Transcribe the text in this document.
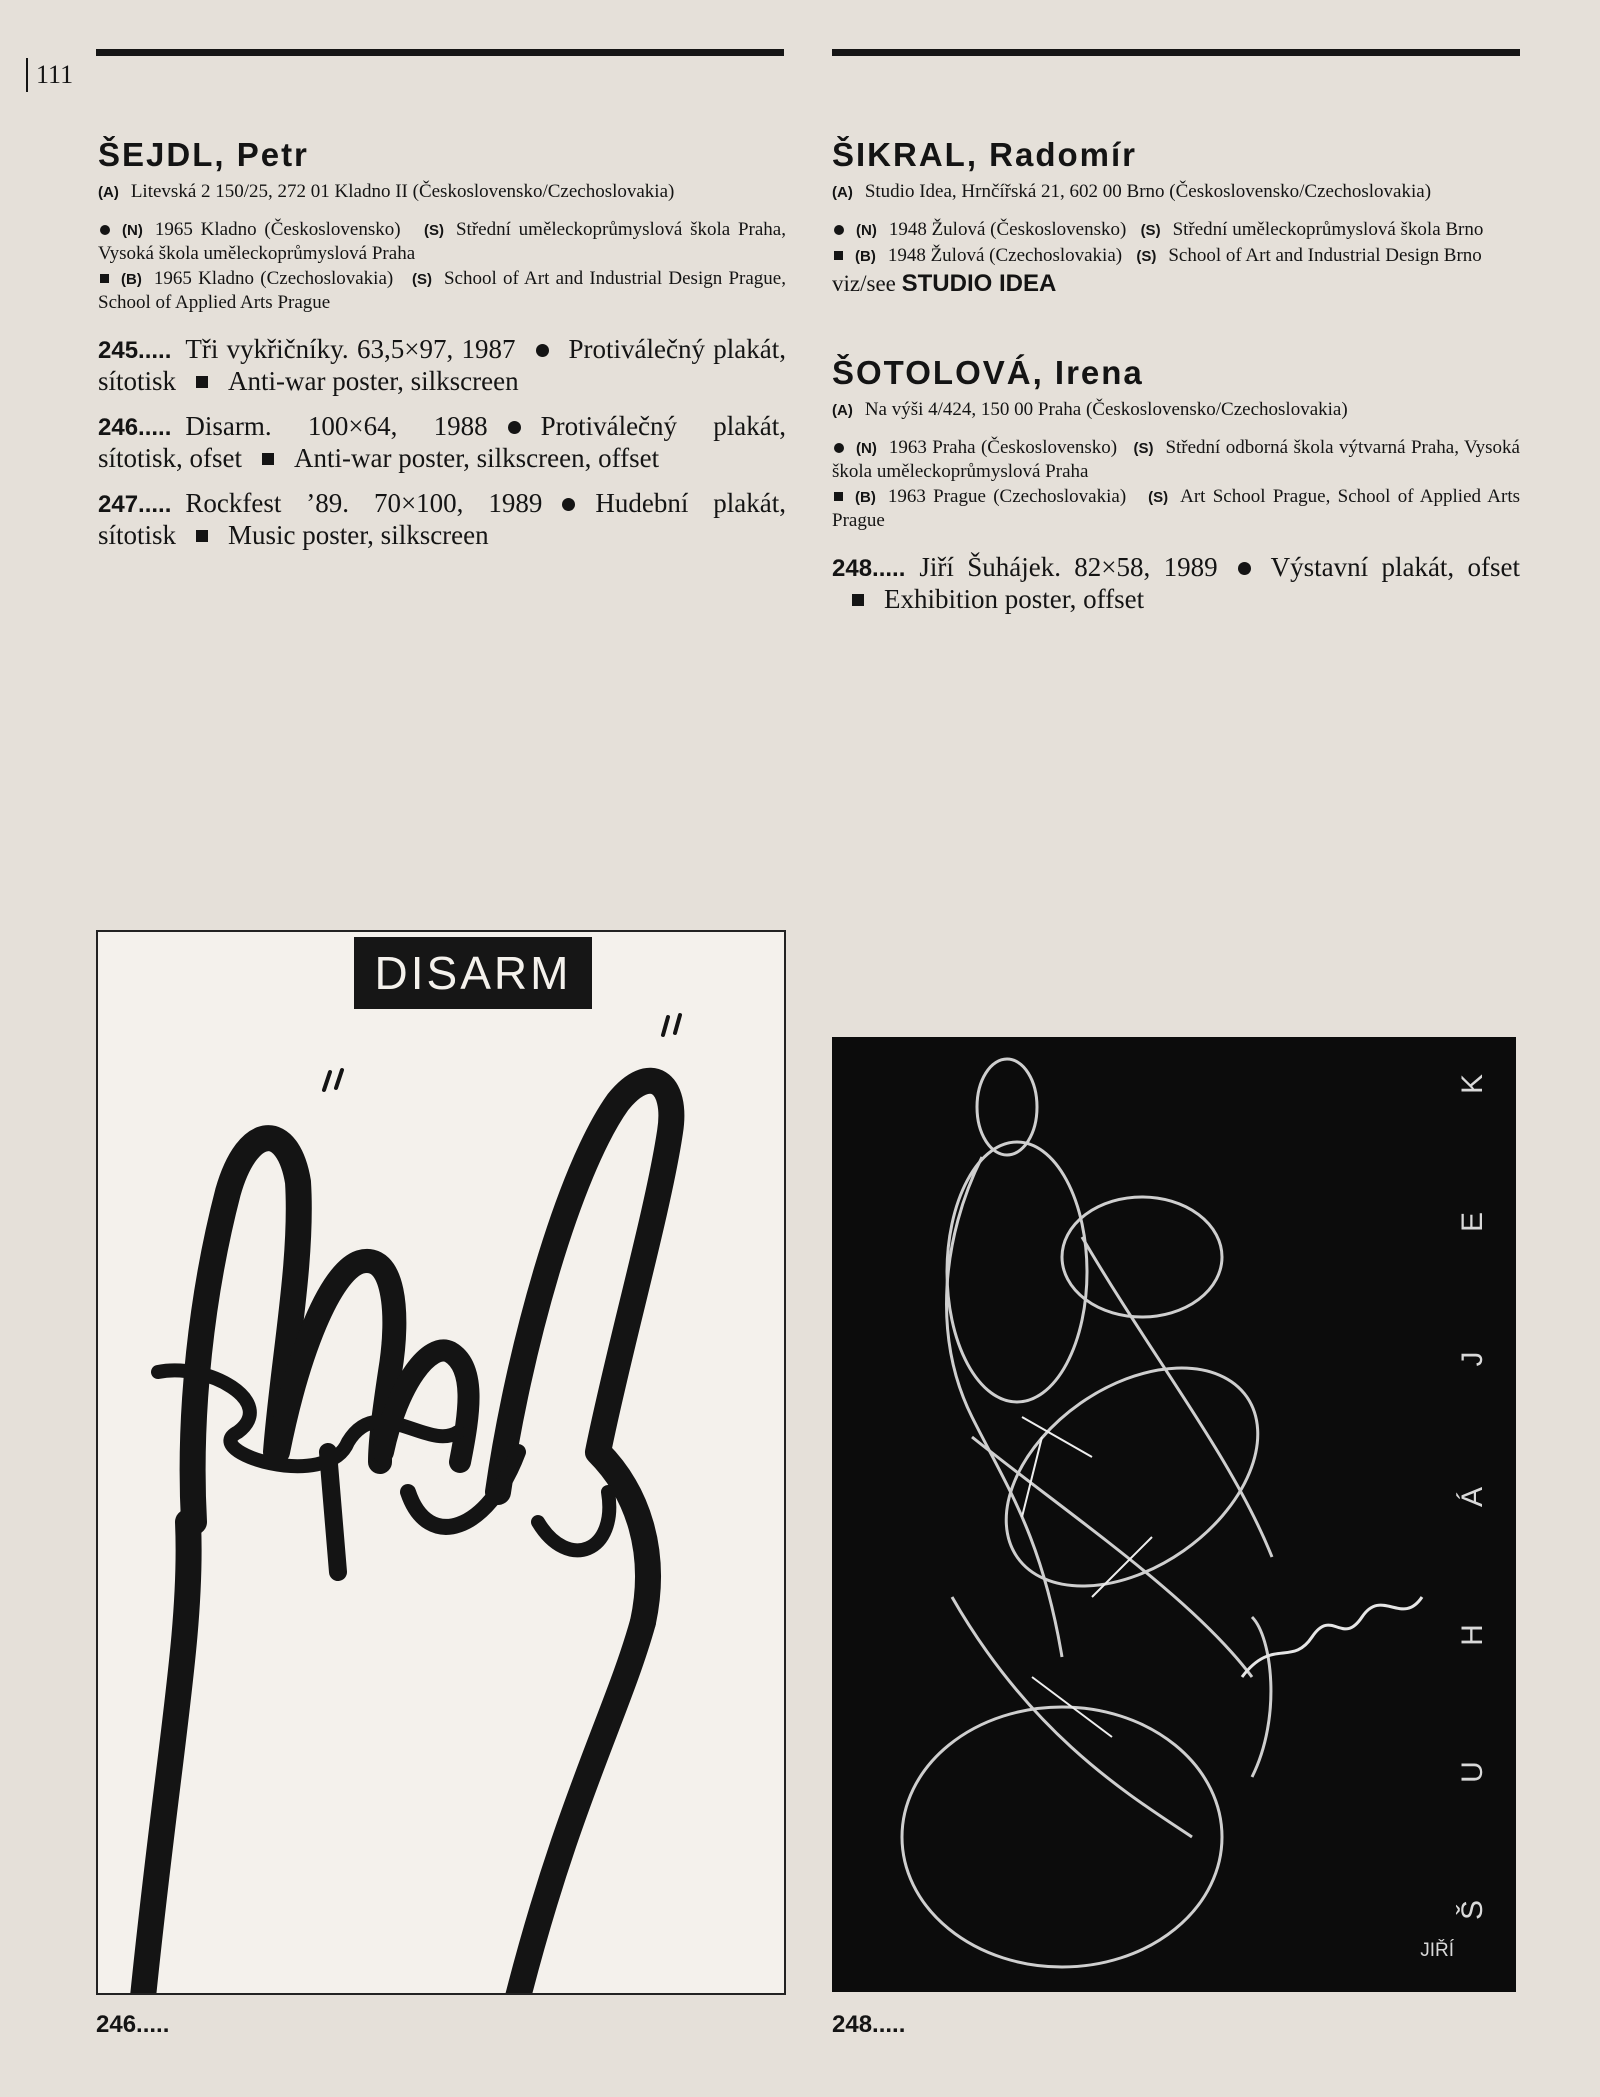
111
ŠEJDL, Petr

(A) Litevská 2 150/25, 272 01 Kladno II (Československo/Czechoslovakia)

(N) 1965 Kladno (Československo) (S) Střední uměleckoprůmyslová škola Praha, Vysoká škola uměleckoprůmyslová Praha

(B) 1965 Kladno (Czechoslovakia) (S) School of Art and Industrial Design Prague, School of Applied Arts Prague

245..... Tři vykřičníky. 63,5×97, 1987 Protiválečný plakát, sítotisk Anti-war poster, silkscreen

246..... Disarm. 100×64, 1988 Protiválečný plakát, sítotisk, ofset Anti-war poster, silkscreen, offset

247..... Rockfest ’89. 70×100, 1989 Hudební plakát, sítotisk Music poster, silkscreen

ŠIKRAL, Radomír

(A) Studio Idea, Hrnčířská 21, 602 00 Brno (Československo/Czechoslovakia)

(N) 1948 Žulová (Československo) (S) Střední uměleckoprůmyslová škola Brno

(B) 1948 Žulová (Czechoslovakia) (S) School of Art and Industrial Design Brno

viz/see STUDIO IDEA
ŠOTOLOVÁ, Irena

(A) Na výši 4/424, 150 00 Praha (Československo/Czechoslovakia)

(N) 1963 Praha (Československo) (S) Střední odborná škola výtvarná Praha, Vysoká škola uměleckoprůmyslová Praha

(B) 1963 Prague (Czechoslovakia) (S) Art School Prague, School of Applied Arts Prague

248..... Jiří Šuhájek. 82×58, 1989 Výstavní plakát, ofsetExhibition poster, offset

DISARM
246.....
K
E
J
Á
H
U
Š
JIŘÍ
248.....
